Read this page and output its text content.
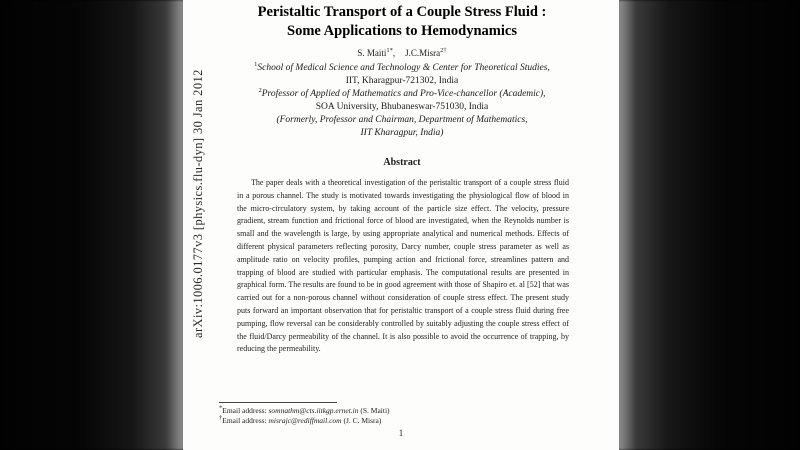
arXiv:1006.0177v3 [physics.flu-dyn] 30 Jan 2012
Peristaltic Transport of a Couple Stress Fluid :
Some Applications to Hemodynamics
S. Maiti$^{1*}$, J.C.Misra$^{2\dagger}$
$^1$School of Medical Science and Technology & Center for Theoretical Studies,
IIT, Kharagpur-721302, India
$^2$Professor of Applied of Mathematics and Pro-Vice-chancellor (Academic),
SOA University, Bhubaneswar-751030, India
(Formerly, Professor and Chairman, Department of Mathematics,
IIT Kharagpur, India)
Abstract
The paper deals with a theoretical investigation of the peristaltic transport of a couple stress fluid in a porous channel. The study is motivated towards investigating the physiological flow of blood in the micro-circulatory system, by taking account of the particle size effect. The velocity, pressure gradient, stream function and frictional force of blood are investigated, when the Reynolds number is small and the wavelength is large, by using appropriate analytical and numerical methods. Effects of different physical parameters reflecting porosity, Darcy number, couple stress parameter as well as amplitude ratio on velocity profiles, pumping action and frictional force, streamlines pattern and trapping of blood are studied with particular emphasis. The computational results are presented in graphical form. The results are found to be in good agreement with those of Shapiro et. al [52] that was carried out for a non-porous channel without consideration of couple stress effect. The present study puts forward an important observation that for peristaltic transport of a couple stress fluid during free pumping, flow reversal can be considerably controlled by suitably adjusting the couple stress effect of the fluid/Darcy permeability of the channel. It is also possible to avoid the occurrence of trapping, by reducing the permeability.
*Email address: somnathm@cts.iitkgp.ernet.in (S. Maiti)
†Email address: misrajc@rediffmail.com (J. C. Misra)
1
